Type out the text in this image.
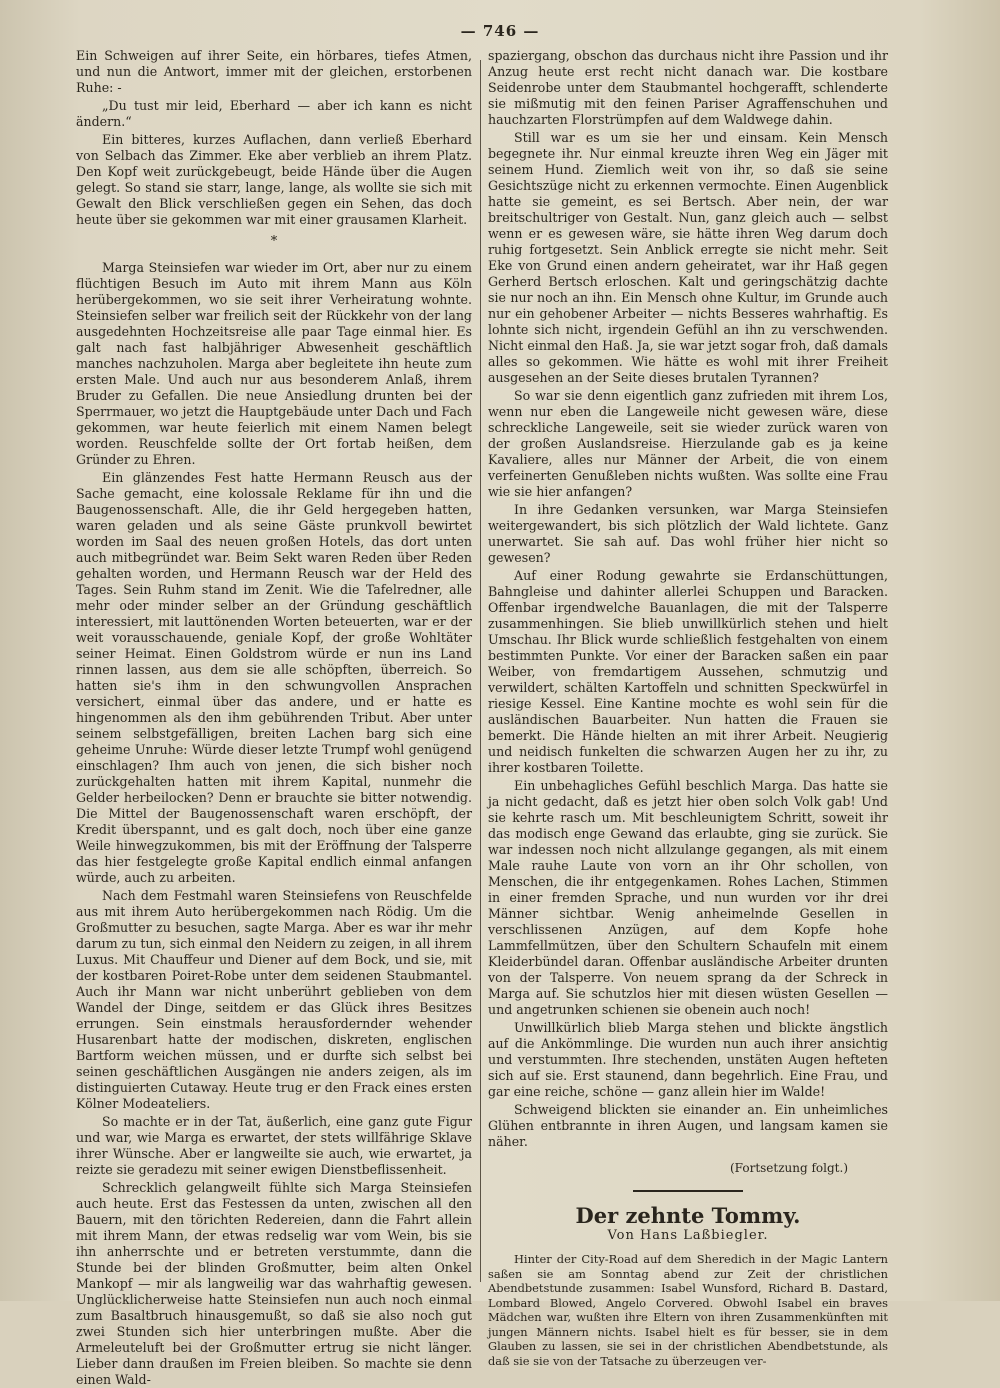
— 746 —

Ein Schweigen auf ihrer Seite, ein hörbares, tiefes Atmen, und nun die Antwort, immer mit der gleichen, erstorbenen Ruhe: -

„Du tust mir leid, Eberhard — aber ich kann es nicht ändern.“

Ein bitteres, kurzes Auflachen, dann verließ Eberhard von Selbach das Zimmer. Eke aber verblieb an ihrem Platz. Den Kopf weit zurückgebeugt, beide Hände über die Augen gelegt. So stand sie starr, lange, lange, als wollte sie sich mit Gewalt den Blick verschließen gegen ein Sehen, das doch heute über sie gekommen war mit einer grausamen Klarheit.

*

Marga Steinsiefen war wieder im Ort, aber nur zu einem flüchtigen Besuch im Auto mit ihrem Mann aus Köln herübergekommen, wo sie seit ihrer Verheiratung wohnte. Steinsiefen selber war freilich seit der Rückkehr von der lang ausgedehnten Hochzeitsreise alle paar Tage einmal hier. Es galt nach fast halbjähriger Abwesenheit geschäftlich manches nachzuholen. Marga aber begleitete ihn heute zum ersten Male. Und auch nur aus besonderem Anlaß, ihrem Bruder zu Gefallen. Die neue Ansiedlung drunten bei der Sperrmauer, wo jetzt die Hauptgebäude unter Dach und Fach gekommen, war heute feierlich mit einem Namen belegt worden. Reuschfelde sollte der Ort fortab heißen, dem Gründer zu Ehren.

Ein glänzendes Fest hatte Hermann Reusch aus der Sache gemacht, eine kolossale Reklame für ihn und die Baugenossenschaft. Alle, die ihr Geld hergegeben hatten, waren geladen und als seine Gäste prunkvoll bewirtet worden im Saal des neuen großen Hotels, das dort unten auch mitbegründet war. Beim Sekt waren Reden über Reden gehalten worden, und Hermann Reusch war der Held des Tages. Sein Ruhm stand im Zenit. Wie die Tafelredner, alle mehr oder minder selber an der Gründung geschäftlich interessiert, mit lauttönenden Worten beteuerten, war er der weit vorausschauende, geniale Kopf, der große Wohltäter seiner Heimat. Einen Goldstrom würde er nun ins Land rinnen lassen, aus dem sie alle schöpften, überreich. So hatten sie's ihm in den schwungvollen Ansprachen versichert, einmal über das andere, und er hatte es hingenommen als den ihm gebührenden Tribut. Aber unter seinem selbstgefälligen, breiten Lachen barg sich eine geheime Unruhe: Würde dieser letzte Trumpf wohl genügend einschlagen? Ihm auch von jenen, die sich bisher noch zurückgehalten hatten mit ihrem Kapital, nunmehr die Gelder herbeilocken? Denn er brauchte sie bitter notwendig. Die Mittel der Baugenossenschaft waren erschöpft, der Kredit überspannt, und es galt doch, noch über eine ganze Weile hinwegzukommen, bis mit der Eröffnung der Talsperre das hier festgelegte große Kapital endlich einmal anfangen würde, auch zu arbeiten.

Nach dem Festmahl waren Steinsiefens von Reuschfelde aus mit ihrem Auto herübergekommen nach Rödig. Um die Großmutter zu besuchen, sagte Marga. Aber es war ihr mehr darum zu tun, sich einmal den Neidern zu zeigen, in all ihrem Luxus. Mit Chauffeur und Diener auf dem Bock, und sie, mit der kostbaren Poiret-Robe unter dem seidenen Staubmantel. Auch ihr Mann war nicht unberührt geblieben von dem Wandel der Dinge, seitdem er das Glück ihres Besitzes errungen. Sein einstmals herausfordernder wehender Husarenbart hatte der modischen, diskreten, englischen Bartform weichen müssen, und er durfte sich selbst bei seinen geschäftlichen Ausgängen nie anders zeigen, als im distinguierten Cutaway. Heute trug er den Frack eines ersten Kölner Modeateliers.

So machte er in der Tat, äußerlich, eine ganz gute Figur und war, wie Marga es erwartet, der stets willfährige Sklave ihrer Wünsche. Aber er langweilte sie auch, wie erwartet, ja reizte sie geradezu mit seiner ewigen Dienstbeflissenheit.

Schrecklich gelangweilt fühlte sich Marga Steinsiefen auch heute. Erst das Festessen da unten, zwischen all den Bauern, mit den törichten Redereien, dann die Fahrt allein mit ihrem Mann, der etwas redselig war vom Wein, bis sie ihn anherrschte und er betreten verstummte, dann die Stunde bei der blinden Großmutter, beim alten Onkel Mankopf — mir als langweilig war das wahrhaftig gewesen. Unglücklicherweise hatte Steinsiefen nun auch noch einmal zum Basaltbruch hinausgemußt, so daß sie also noch gut zwei Stunden sich hier unterbringen mußte. Aber die Armeleuteluft bei der Großmutter ertrug sie nicht länger. Lieber dann draußen im Freien bleiben. So machte sie denn einen Wald-

spaziergang, obschon das durchaus nicht ihre Passion und ihr Anzug heute erst recht nicht danach war. Die kostbare Seidenrobe unter dem Staubmantel hochgerafft, schlenderte sie mißmutig mit den feinen Pariser Agraffenschuhen und hauchzarten Florstrümpfen auf dem Waldwege dahin.

Still war es um sie her und einsam. Kein Mensch begegnete ihr. Nur einmal kreuzte ihren Weg ein Jäger mit seinem Hund. Ziemlich weit von ihr, so daß sie seine Gesichtszüge nicht zu erkennen vermochte. Einen Augenblick hatte sie gemeint, es sei Bertsch. Aber nein, der war breitschultriger von Gestalt. Nun, ganz gleich auch — selbst wenn er es gewesen wäre, sie hätte ihren Weg darum doch ruhig fortgesetzt. Sein Anblick erregte sie nicht mehr. Seit Eke von Grund einen andern geheiratet, war ihr Haß gegen Gerherd Bertsch erloschen. Kalt und geringschätzig dachte sie nur noch an ihn. Ein Mensch ohne Kultur, im Grunde auch nur ein gehobener Arbeiter — nichts Besseres wahrhaftig. Es lohnte sich nicht, irgendein Gefühl an ihn zu verschwenden. Nicht einmal den Haß. Ja, sie war jetzt sogar froh, daß damals alles so gekommen. Wie hätte es wohl mit ihrer Freiheit ausgesehen an der Seite dieses brutalen Tyrannen?

So war sie denn eigentlich ganz zufrieden mit ihrem Los, wenn nur eben die Langeweile nicht gewesen wäre, diese schreckliche Langeweile, seit sie wieder zurück waren von der großen Auslandsreise. Hierzulande gab es ja keine Kavaliere, alles nur Männer der Arbeit, die von einem verfeinerten Genußleben nichts wußten. Was sollte eine Frau wie sie hier anfangen?

In ihre Gedanken versunken, war Marga Steinsiefen weitergewandert, bis sich plötzlich der Wald lichtete. Ganz unerwartet. Sie sah auf. Das wohl früher hier nicht so gewesen?

Auf einer Rodung gewahrte sie Erdanschüttungen, Bahngleise und dahinter allerlei Schuppen und Baracken. Offenbar irgendwelche Bauanlagen, die mit der Talsperre zusammenhingen. Sie blieb unwillkürlich stehen und hielt Umschau. Ihr Blick wurde schließlich festgehalten von einem bestimmten Punkte. Vor einer der Baracken saßen ein paar Weiber, von fremdartigem Aussehen, schmutzig und verwildert, schälten Kartoffeln und schnitten Speckwürfel in riesige Kessel. Eine Kantine mochte es wohl sein für die ausländischen Bauarbeiter. Nun hatten die Frauen sie bemerkt. Die Hände hielten an mit ihrer Arbeit. Neugierig und neidisch funkelten die schwarzen Augen her zu ihr, zu ihrer kostbaren Toilette.

Ein unbehagliches Gefühl beschlich Marga. Das hatte sie ja nicht gedacht, daß es jetzt hier oben solch Volk gab! Und sie kehrte rasch um. Mit beschleunigtem Schritt, soweit ihr das modisch enge Gewand das erlaubte, ging sie zurück. Sie war indessen noch nicht allzulange gegangen, als mit einem Male rauhe Laute von vorn an ihr Ohr schollen, von Menschen, die ihr entgegenkamen. Rohes Lachen, Stimmen in einer fremden Sprache, und nun wurden vor ihr drei Männer sichtbar. Wenig anheimelnde Gesellen in verschlissenen Anzügen, auf dem Kopfe hohe Lammfellmützen, über den Schultern Schaufeln mit einem Kleiderbündel daran. Offenbar ausländische Arbeiter drunten von der Talsperre. Von neuem sprang da der Schreck in Marga auf. Sie schutzlos hier mit diesen wüsten Gesellen — und angetrunken schienen sie obenein auch noch!

Unwillkürlich blieb Marga stehen und blickte ängstlich auf die Ankömmlinge. Die wurden nun auch ihrer ansichtig und verstummten. Ihre stechenden, unstäten Augen hefteten sich auf sie. Erst staunend, dann begehrlich. Eine Frau, und gar eine reiche, schöne — ganz allein hier im Walde!

Schweigend blickten sie einander an. Ein unheimliches Glühen entbrannte in ihren Augen, und langsam kamen sie näher.

(Fortsetzung folgt.)
Der zehnte Tommy.
Von Hans Laßbiegler.

Hinter der City-Road auf dem Sheredich in der Magic Lantern saßen sie am Sonntag abend zur Zeit der christlichen Abendbetstunde zusammen: Isabel Wunsford, Richard B. Dastard, Lombard Blowed, Angelo Corvered. Obwohl Isabel ein braves Mädchen war, wußten ihre Eltern von ihren Zusammenkünften mit jungen Männern nichts. Isabel hielt es für besser, sie in dem Glauben zu lassen, sie sei in der christlichen Abendbetstunde, als daß sie sie von der Tatsache zu überzeugen ver-
